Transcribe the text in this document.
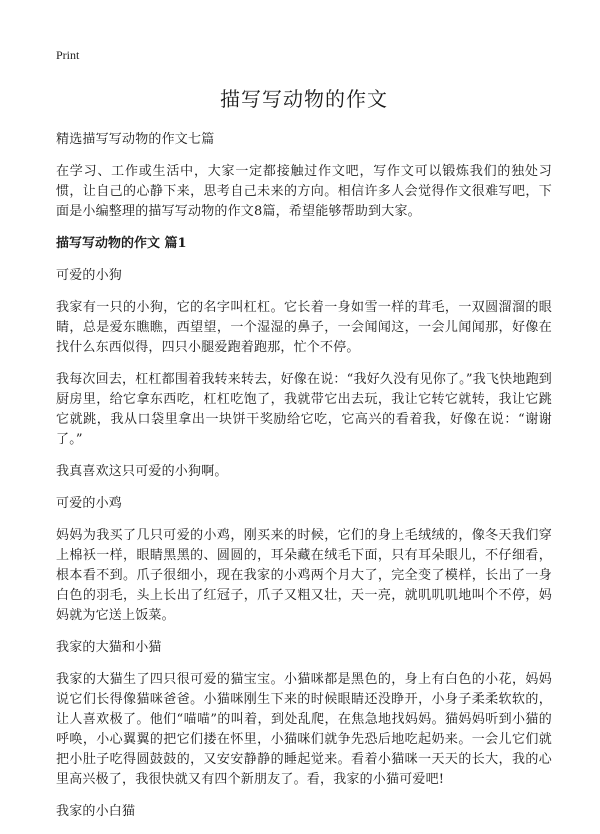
Print
描写写动物的作文

精选描写写动物的作文七篇

在学习、工作或生活中，大家一定都接触过作文吧，写作文可以锻炼我们的独处习惯，让自己的心静下来，思考自己未来的方向。相信许多人会觉得作文很难写吧，下面是小编整理的描写写动物的作文8篇，希望能够帮助到大家。

描写写动物的作文 篇1

可爱的小狗

我家有一只的小狗，它的名字叫杠杠。它长着一身如雪一样的茸毛，一双圆溜溜的眼睛，总是爱东瞧瞧，西望望，一个湿湿的鼻子，一会闻闻这，一会儿闻闻那，好像在找什么东西似得，四只小腿爱跑着跑那，忙个不停。

我每次回去，杠杠都围着我转来转去，好像在说：“我好久没有见你了。”我飞快地跑到厨房里，给它拿东西吃，杠杠吃饱了，我就带它出去玩，我让它转它就转，我让它跳它就跳，我从口袋里拿出一块饼干奖励给它吃，它高兴的看着我，好像在说：“谢谢了。”

我真喜欢这只可爱的小狗啊。

可爱的小鸡

妈妈为我买了几只可爱的小鸡，刚买来的时候，它们的身上毛绒绒的，像冬天我们穿上棉袄一样，眼睛黑黑的、圆圆的，耳朵藏在绒毛下面，只有耳朵眼儿，不仔细看，根本看不到。爪子很细小，现在我家的小鸡两个月大了，完全变了模样，长出了一身白色的羽毛，头上长出了红冠子，爪子又粗又壮，天一亮，就叽叽叽地叫个不停，妈妈就为它送上饭菜。

我家的大猫和小猫

我家的大猫生了四只很可爱的猫宝宝。小猫咪都是黑色的，身上有白色的小花，妈妈说它们长得像猫咪爸爸。小猫咪刚生下来的时候眼睛还没睁开，小身子柔柔软软的，让人喜欢极了。他们“喵喵”的叫着，到处乱爬，在焦急地找妈妈。猫妈妈听到小猫的呼唤，小心翼翼的把它们搂在怀里，小猫咪们就争先恐后地吃起奶来。一会儿它们就把小肚子吃得圆鼓鼓的，又安安静静的睡起觉来。看着小猫咪一天天的长大，我的心里高兴极了，我很快就又有四个新朋友了。看，我家的小猫可爱吧!

我家的小白猫
